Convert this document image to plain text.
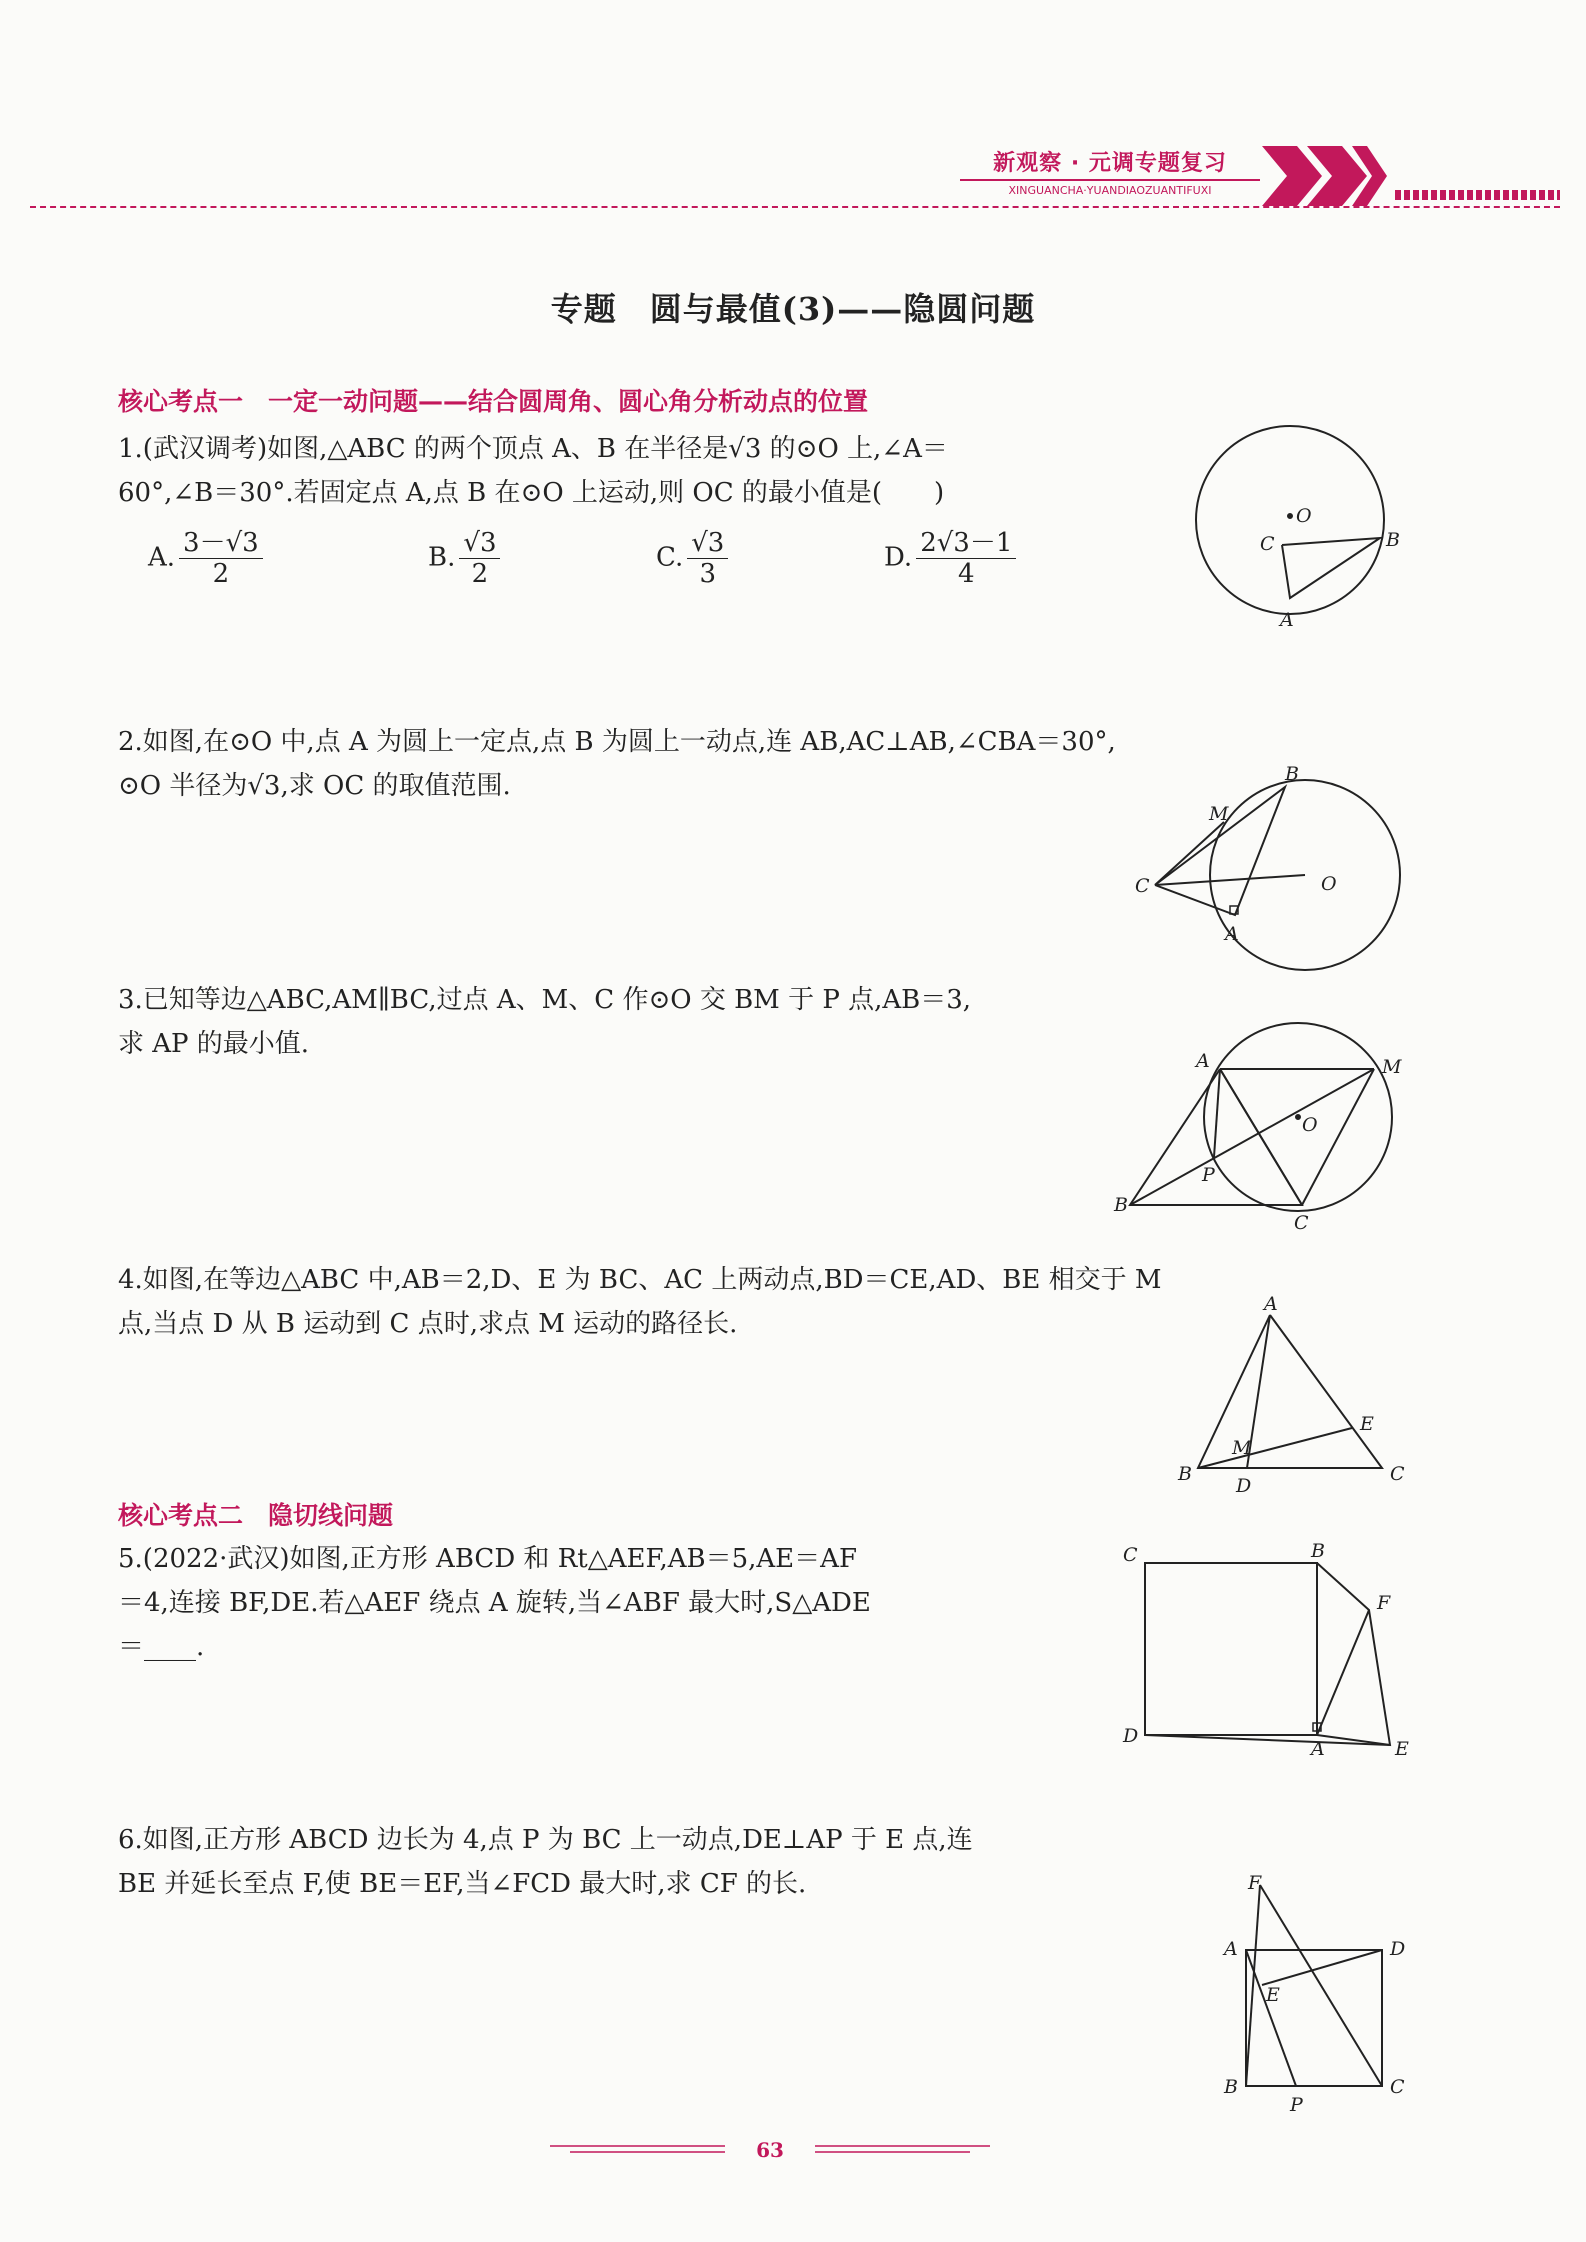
新观察 · 元调专题复习
XINGUANCHA·YUANDIAOZUANTIFUXI
专题　圆与最值(3)——隐圆问题
核心考点一　一定一动问题——结合圆周角、圆心角分析动点的位置
1.(武汉调考)如图,△ABC 的两个顶点 A、B 在半径是√3 的⊙O 上,∠A＝
60°,∠B＝30°.若固定点 A,点 B 在⊙O 上运动,则 OC 的最小值是(　　)
A. $\frac{3-√3}{2}$	B. $\frac{√3}{2}$	C. $\frac{√3}{3}$	D. $\frac{2√3-1}{4}$
O
C	B
A
2.如图,在⊙O 中,点 A 为圆上一定点,点 B 为圆上一动点,连 AB,AC⊥AB,∠CBA＝30°,
⊙O 半径为√3,求 OC 的取值范围.	B
M
C	O
A
3.已知等边△ABC,AM∥BC,过点 A、M、C 作⊙O 交 BM 于 P 点,AB＝3,
求 AP 的最小值.
A	M
O
P
B
C
4.如图,在等边△ABC 中,AB＝2,D、E 为 BC、AC 上两动点,BD＝CE,AD、BE 相交于 M
点,当点 D 从 B 运动到 C 点时,求点 M 运动的路径长.
A
E
M
B
D
C
核心考点二　隐切线问题
5.(2022·武汉)如图,正方形 ABCD 和 Rt△AEF,AB＝5,AE＝AF
＝4,连接 BF,DE.若△AEF 绕点 A 旋转,当∠ABF 最大时,S△ADE
＝____.
C	B
F
D
A	E
6.如图,正方形 ABCD 边长为 4,点 P 为 BC 上一动点,DE⊥AP 于 E 点,连
BE 并延长至点 F,使 BE＝EF,当∠FCD 最大时,求 CF 的长.	F
A	D
E
B
P
C
63
